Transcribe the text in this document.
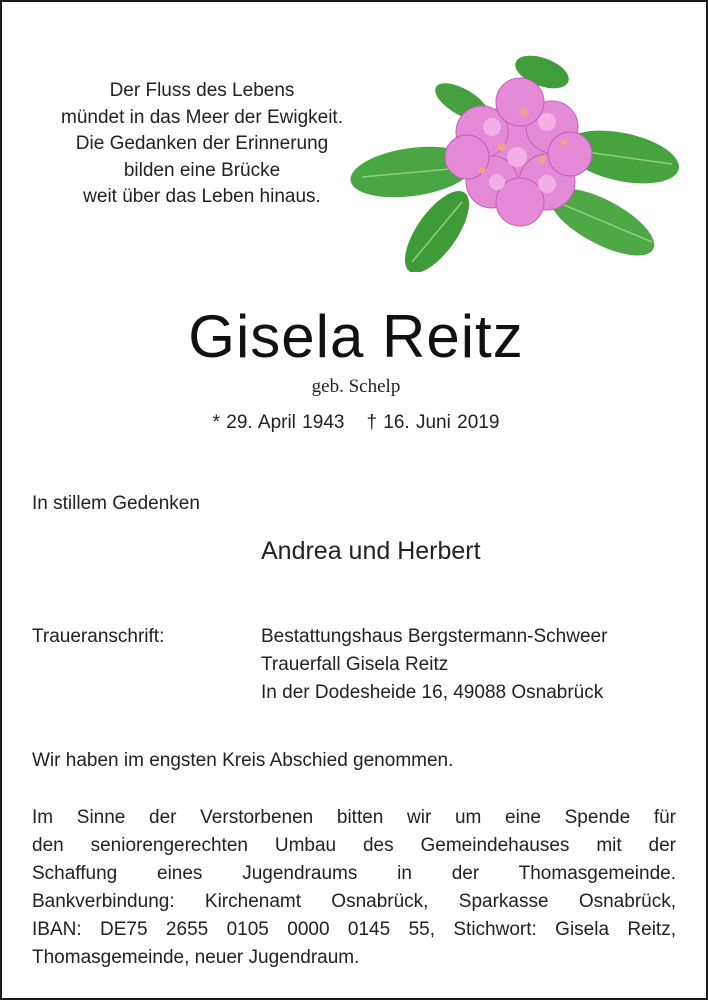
Der Fluss des Lebens
mündet in das Meer der Ewigkeit.
Die Gedanken der Erinnerung
bilden eine Brücke
weit über das Leben hinaus.
Gisela Reitz
geb. Schelp
* 29. April 1943 † 16. Juni 2019
In stillem Gedenken
Andrea und Herbert
Traueranschrift:	Bestattungshaus Bergstermann-Schweer
Trauerfall Gisela Reitz
In der Dodesheide 16, 49088 Osnabrück
Wir haben im engsten Kreis Abschied genommen.
Im Sinne der Verstorbenen bitten wir um eine Spende für
den seniorengerechten Umbau des Gemeindehauses mit der
Schaffung eines Jugendraums in der Thomasgemeinde.
Bankverbindung: Kirchenamt Osnabrück, Sparkasse Osnabrück,
IBAN: DE75 2655 0105 0000 0145 55, Stichwort: Gisela Reitz,
Thomasgemeinde, neuer Jugendraum.
